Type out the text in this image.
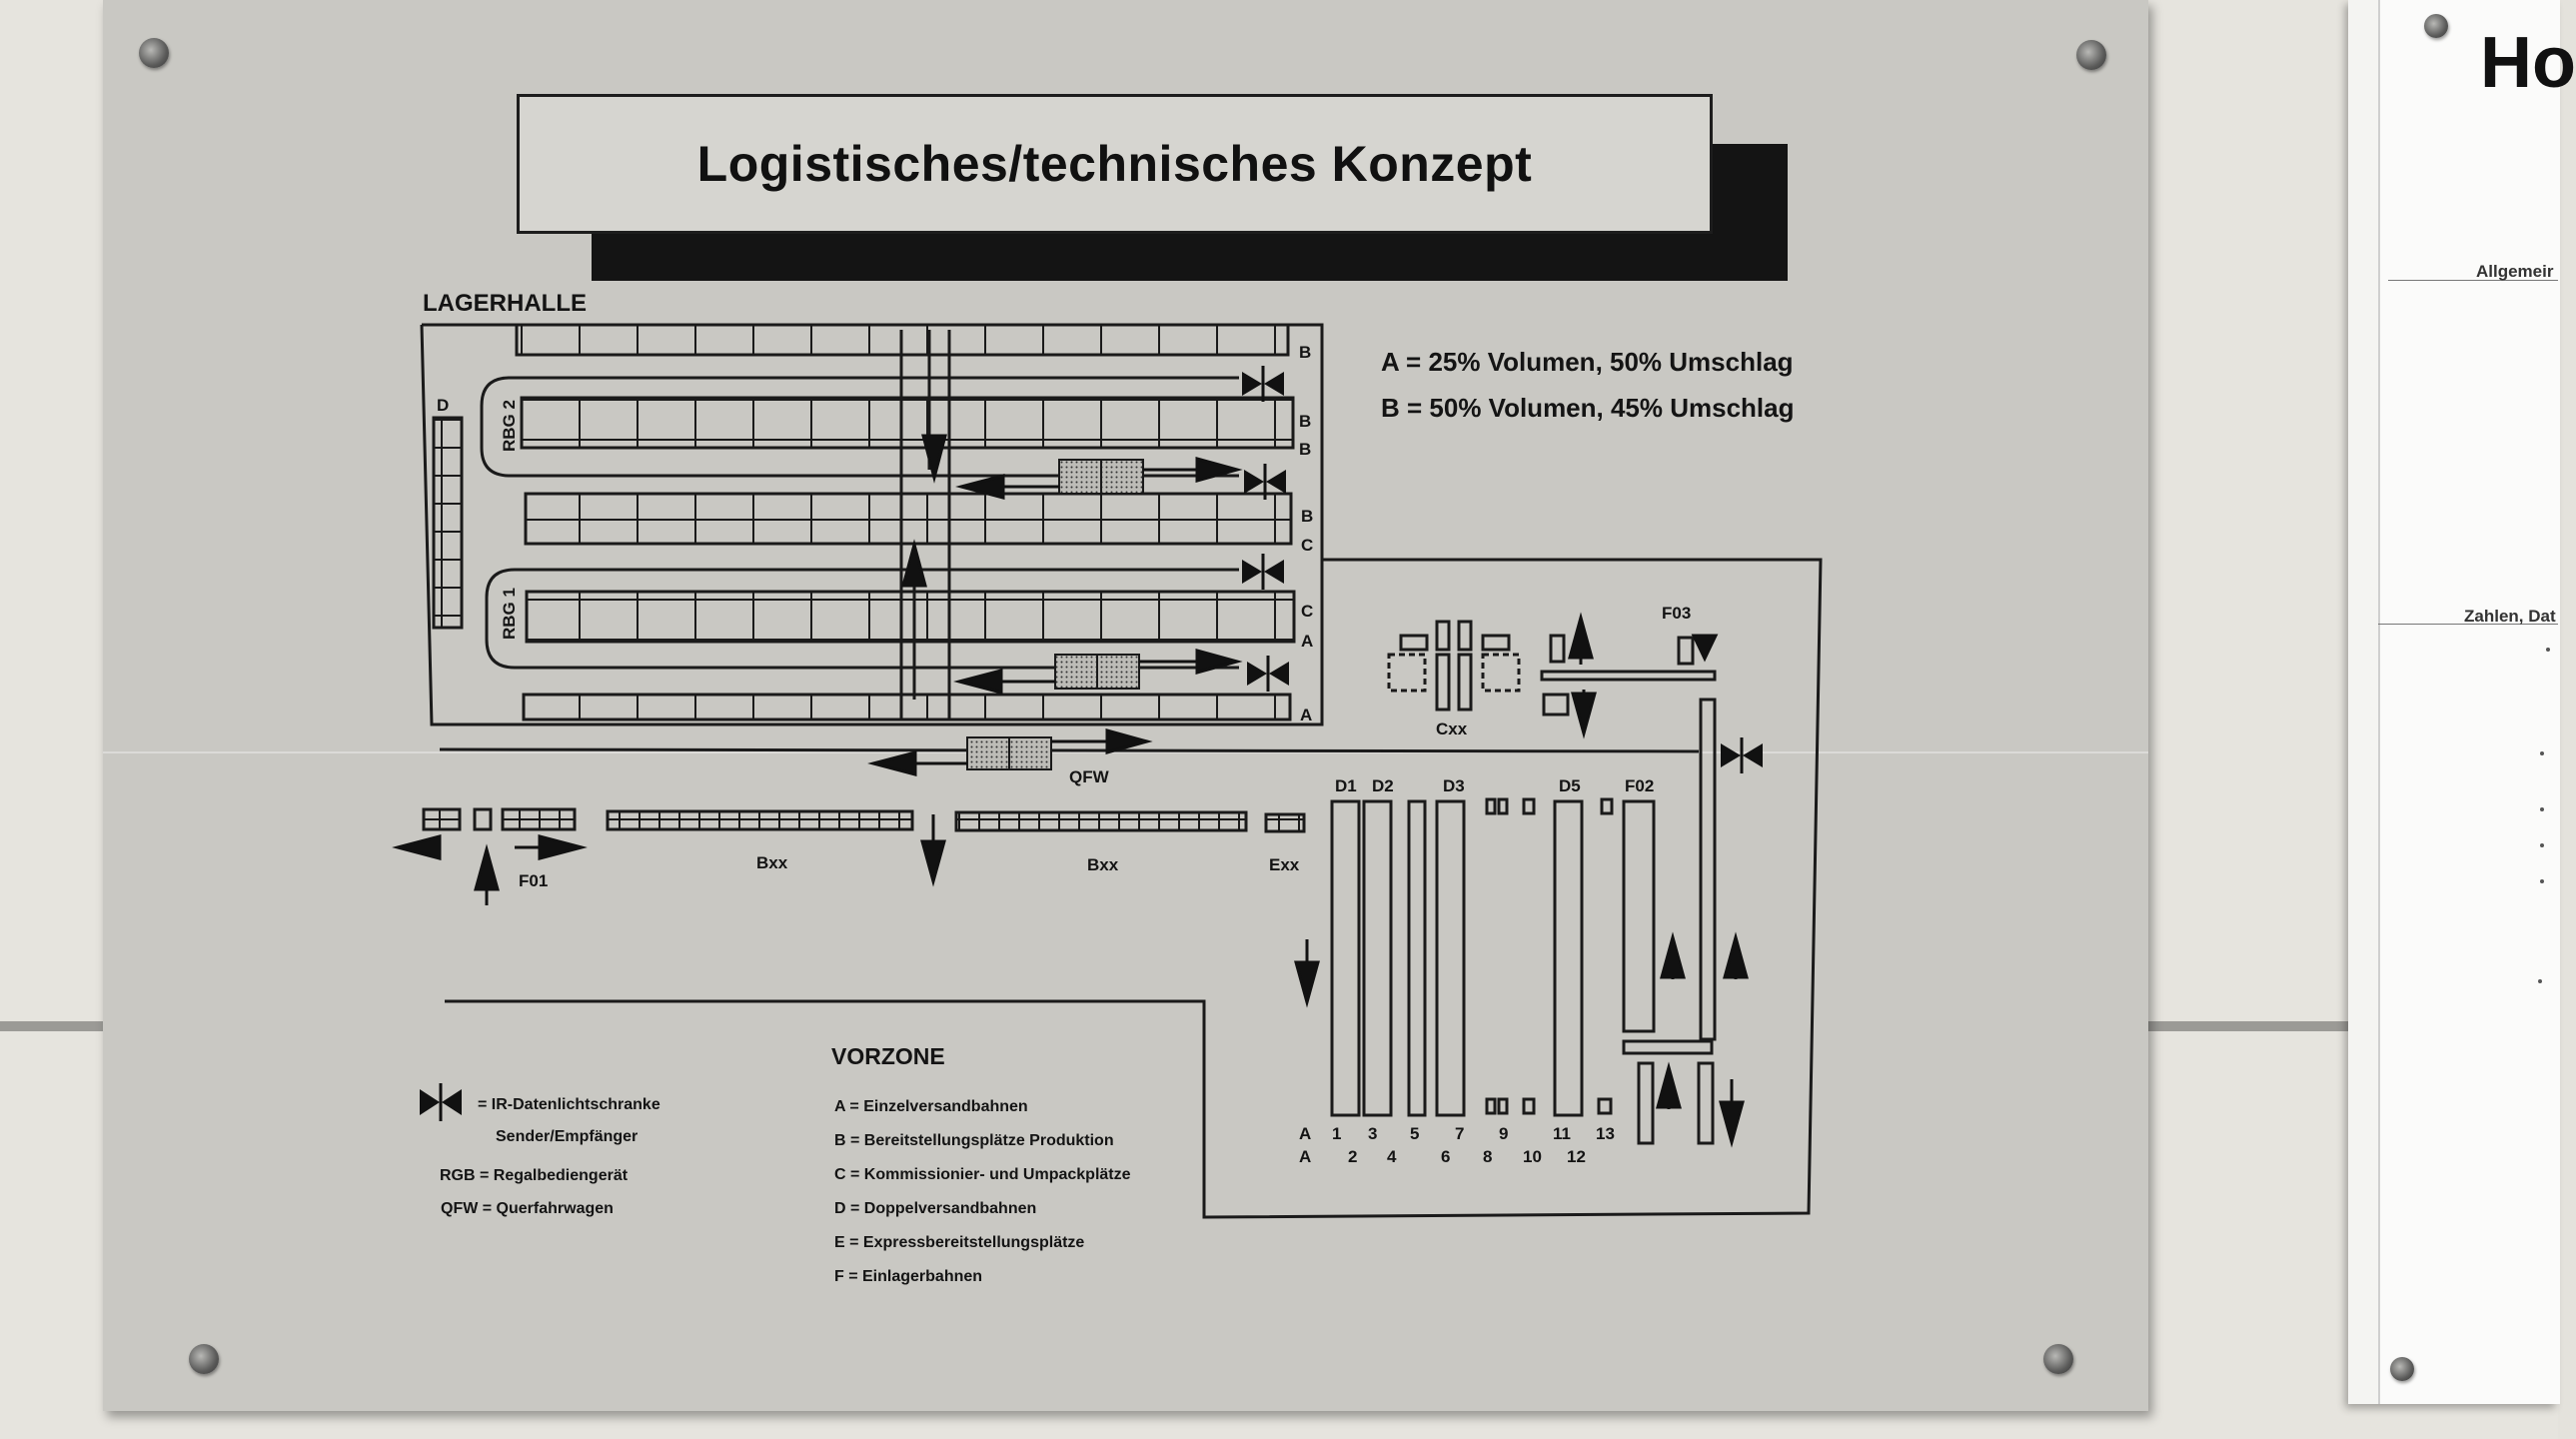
Logistisches/technisches Konzept
LAGERHALLE
A = 25% Volumen, 50% Umschlag
B = 50% Volumen, 45% Umschlag
RBG 2
RBG 1
D
B
B
B
B
C
C
A
A
QFW
F01
Bxx	Bxx	Exx
Cxx
F03
D1 D2	D3	D5	F02
A 1 3 5 7 9	11 13
A 2 4	6 8 10 12
VORZONE
= IR-Datenlichtschranke
Sender/Empfänger
RGB = Regalbediengerät
QFW = Querfahrwagen
A = Einzelversandbahnen
B = Bereitstellungsplätze Produktion
C = Kommissionier- und Umpackplätze
D = Doppelversandbahnen
E = Expressbereitstellungsplätze
F = Einlagerbahnen
Ho
Allgemeir
Zahlen, Dat
